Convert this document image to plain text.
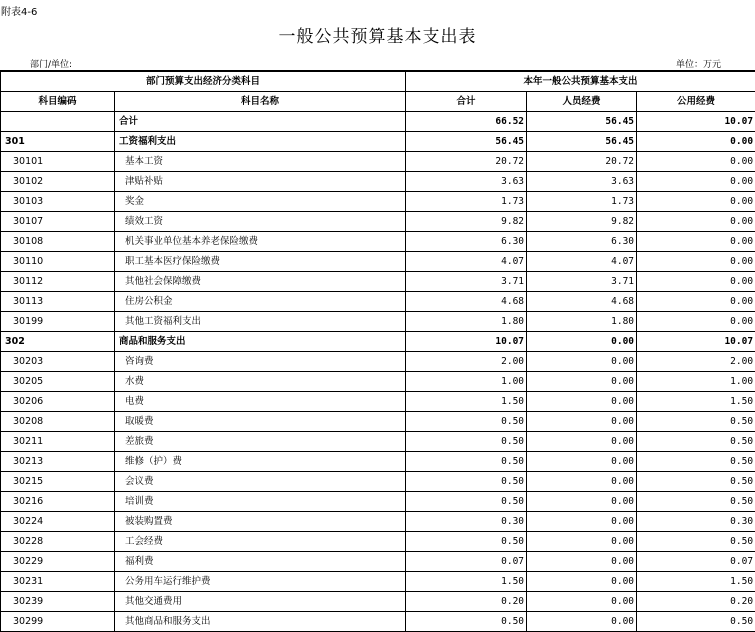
附表4-6
一般公共预算基本支出表
部门/单位:	单位：万元
部门预算支出经济分类科目		本年一般公共预算基本支出		
科目编码	科目名称	合计	人员经费	公用经费
	合计	66.52	56.45	10.07
301	工资福利支出	56.45	56.45	0.00
30101	基本工资	20.72	20.72	0.00
30102	津贴补贴	3.63	3.63	0.00
30103	奖金	1.73	1.73	0.00
30107	绩效工资	9.82	9.82	0.00
30108	机关事业单位基本养老保险缴费	6.30	6.30	0.00
30110	职工基本医疗保险缴费	4.07	4.07	0.00
30112	其他社会保障缴费	3.71	3.71	0.00
30113	住房公积金	4.68	4.68	0.00
30199	其他工资福利支出	1.80	1.80	0.00
302	商品和服务支出	10.07	0.00	10.07
30203	咨询费	2.00	0.00	2.00
30205	水费	1.00	0.00	1.00
30206	电费	1.50	0.00	1.50
30208	取暖费	0.50	0.00	0.50
30211	差旅费	0.50	0.00	0.50
30213	维修（护）费	0.50	0.00	0.50
30215	会议费	0.50	0.00	0.50
30216	培训费	0.50	0.00	0.50
30224	被装购置费	0.30	0.00	0.30
30228	工会经费	0.50	0.00	0.50
30229	福利费	0.07	0.00	0.07
30231	公务用车运行维护费	1.50	0.00	1.50
30239	其他交通费用	0.20	0.00	0.20
30299	其他商品和服务支出	0.50	0.00	0.50
